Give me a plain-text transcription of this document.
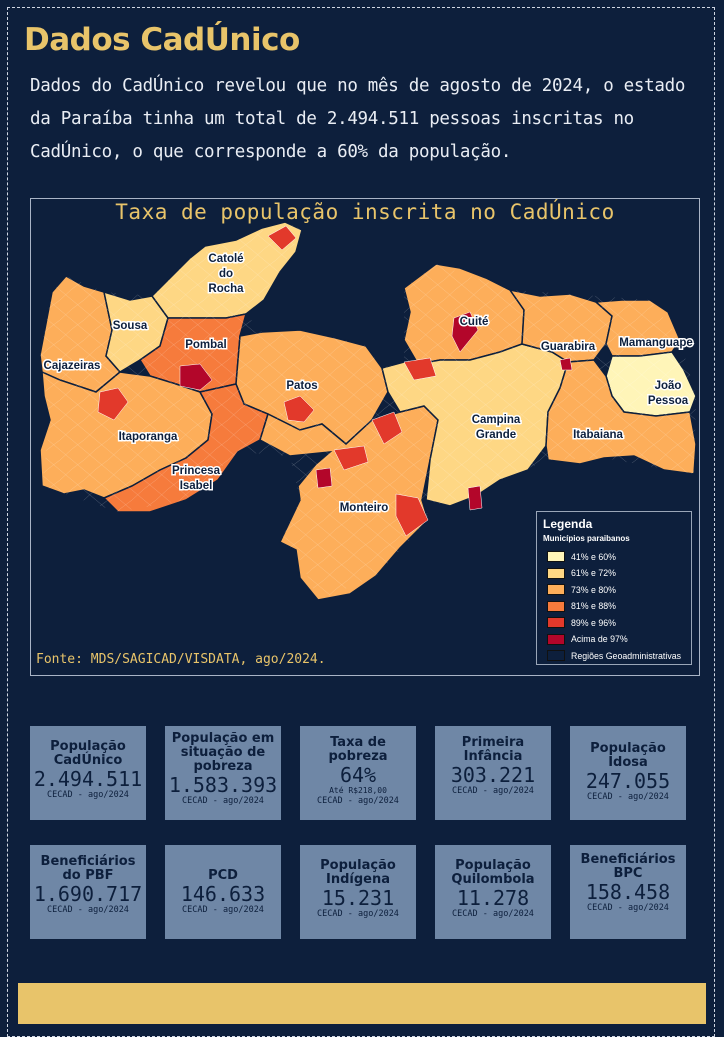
Dados CadÚnico

Dados do CadÚnico revelou que no mês de agosto de 2024, o estado da Paraíba tinha um total de 2.494.511 pessoas inscritas no CadÚnico, o que corresponde a 60% da população.

Taxa de população inscrita no CadÚnico
Catolé do Rocha
Sousa
Cajazeiras
Pombal
Patos
Itaporanga
Princesa Isabel
Monteiro
Cuité
Guarabira Mamanguape
João Pessoa
Campina Grande	Itabaiana
Fonte: MDS/SAGICAD/VISDATA, ago/2024.
Legenda
Municípios paraibanos
41% e 60%
61% e 72%
73% e 80%
81% e 88%
89% e 96%
Acima de 97%
Regiões Geoadministrativas
População CadÚnico
2.494.511
CECAD - ago/2024
População em situação de pobreza
1.583.393
CECAD - ago/2024
Taxa de pobreza
64%
Até R$218,00
CECAD - ago/2024
Primeira Infância
303.221
CECAD - ago/2024
População Idosa
247.055
CECAD - ago/2024
Beneficiários do PBF
1.690.717
CECAD - ago/2024
PCD
146.633
CECAD - ago/2024
População Indígena
15.231
CECAD - ago/2024
População Quilombola
11.278
CECAD - ago/2024
Beneficiários BPC
158.458
CECAD - ago/2024
